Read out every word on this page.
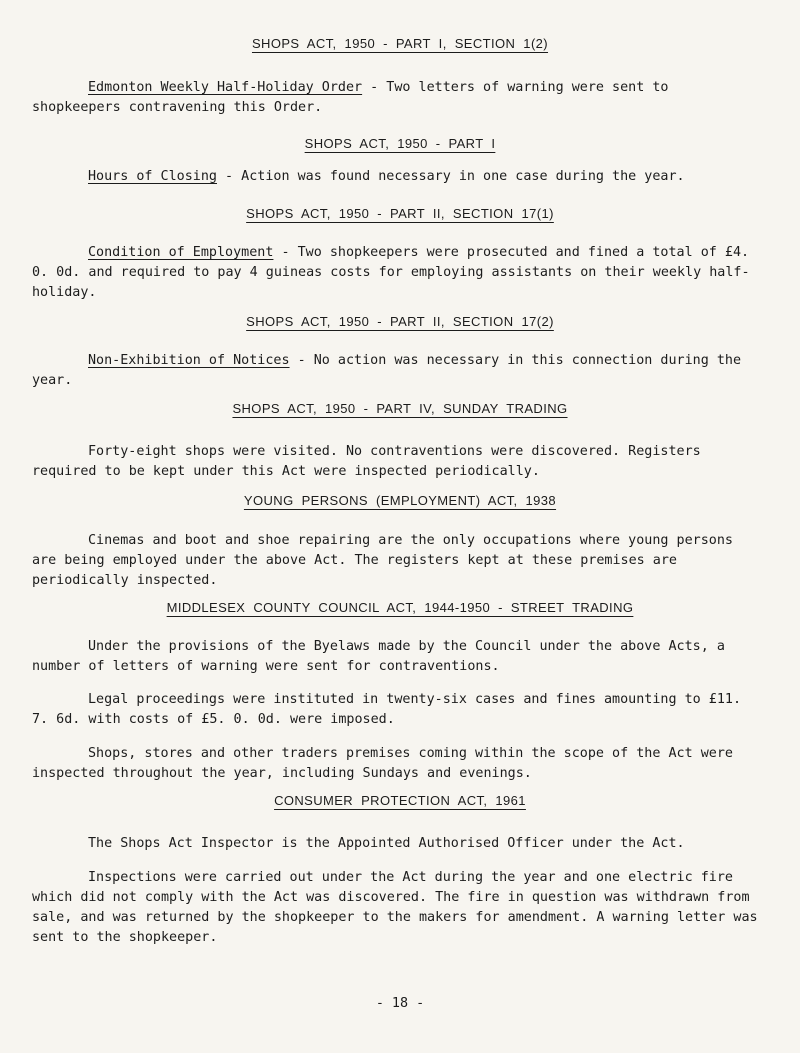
SHOPS ACT, 1950 - PART I, SECTION 1(2)

Edmonton Weekly Half-Holiday Order - Two letters of warning were sent to shopkeepers contravening this Order.

SHOPS ACT, 1950 - PART I

Hours of Closing - Action was found necessary in one case during the year.

SHOPS ACT, 1950 - PART II, SECTION 17(1)

Condition of Employment - Two shopkeepers were prosecuted and fined a total of £4. 0. 0d. and required to pay 4 guineas costs for employing assistants on their weekly half-holiday.

SHOPS ACT, 1950 - PART II, SECTION 17(2)

Non-Exhibition of Notices - No action was necessary in this connection during the year.

SHOPS ACT, 1950 - PART IV, SUNDAY TRADING

Forty-eight shops were visited. No contraventions were discovered. Registers required to be kept under this Act were inspected periodically.

YOUNG PERSONS (EMPLOYMENT) ACT, 1938

Cinemas and boot and shoe repairing are the only occupations where young persons are being employed under the above Act. The registers kept at these premises are periodically inspected.

MIDDLESEX COUNTY COUNCIL ACT, 1944-1950 - STREET TRADING

Under the provisions of the Byelaws made by the Council under the above Acts, a number of letters of warning were sent for contraventions.

Legal proceedings were instituted in twenty-six cases and fines amounting to £11. 7. 6d. with costs of £5. 0. 0d. were imposed.

Shops, stores and other traders premises coming within the scope of the Act were inspected throughout the year, including Sundays and evenings.

CONSUMER PROTECTION ACT, 1961

The Shops Act Inspector is the Appointed Authorised Officer under the Act.

Inspections were carried out under the Act during the year and one electric fire which did not comply with the Act was discovered. The fire in question was withdrawn from sale, and was returned by the shopkeeper to the makers for amendment. A warning letter was sent to the shopkeeper.

- 18 -
